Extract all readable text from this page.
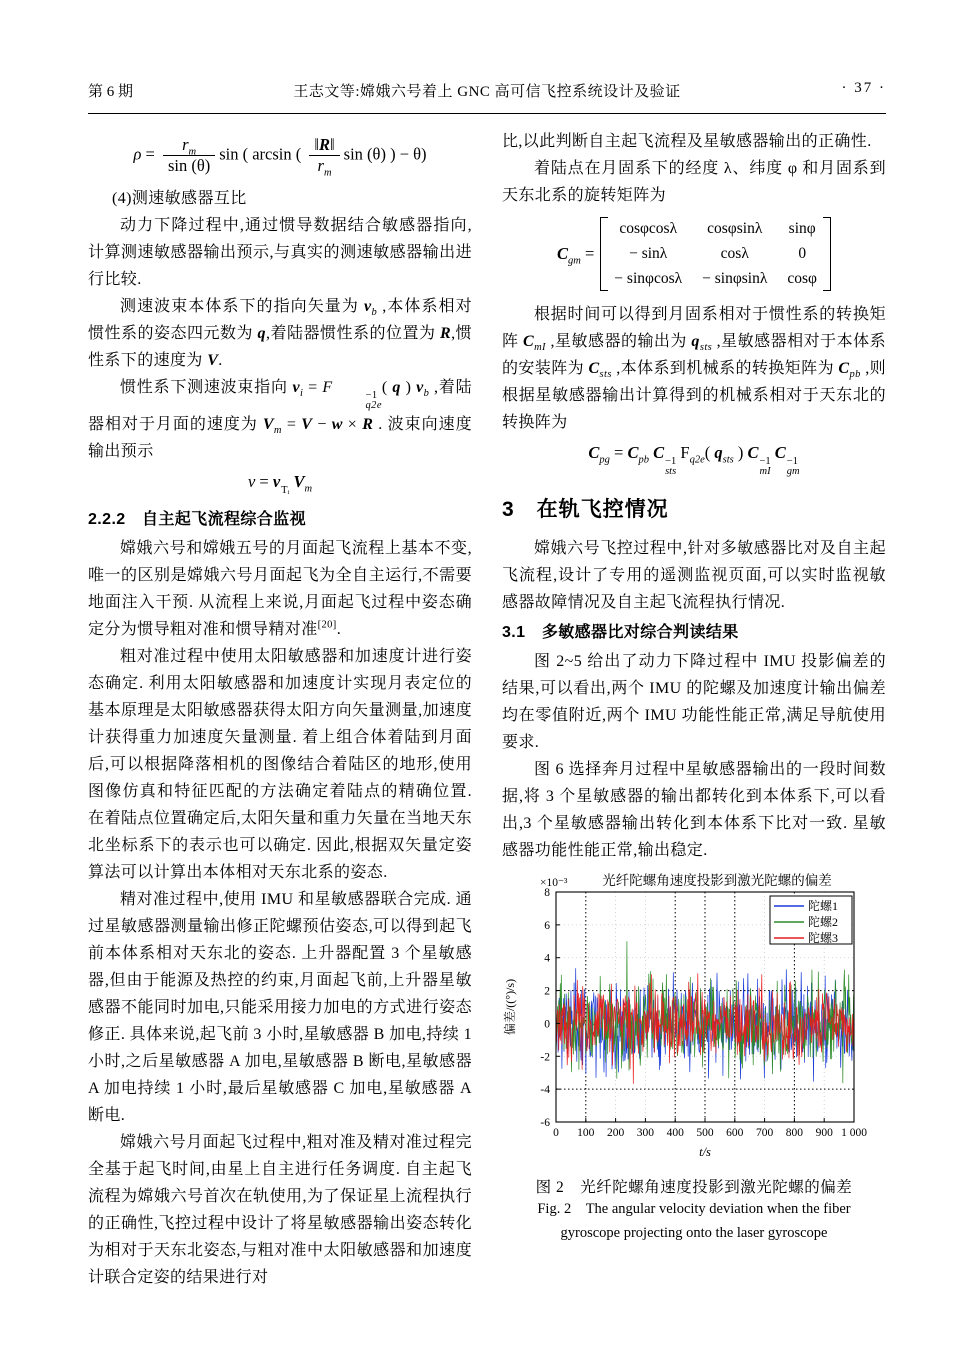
第 6 期	王志文等:嫦娥六号着上 GNC 高可信飞控系统设计及验证	· 37 ·
$\rho = \frac{r_m}{\sin (\theta)}$ sin ( arcsin ( $\frac{‖R‖}{r_m}$ sin (θ) ) − θ)

(4)测速敏感器互比

动力下降过程中,通过惯导数据结合敏感器指向,计算测速敏感器输出预示,与真实的测速敏感器输出进行比较.

测速波束本体系下的指向矢量为 $v_b$ ,本体系相对惯性系的姿态四元数为 q,着陆器惯性系的位置为 R,惯性系下的速度为 V.

惯性系下测速波束指向 $v_i = F$	−1
q2e
( q ) $v_b$ ,着陆器相对于月面的速度为 $V_m = V - w \times R$ . 波束向速度输出预示

v = v Tᵢ $V_m$
2.2.2　自主起飞流程综合监视

嫦娥六号和嫦娥五号的月面起飞流程上基本不变,唯一的区别是嫦娥六号月面起飞为全自主运行,不需要地面注入干预. 从流程上来说,月面起飞过程中姿态确定分为惯导粗对准和惯导精对准[20].

粗对准过程中使用太阳敏感器和加速度计进行姿态确定. 利用太阳敏感器和加速度计实现月表定位的基本原理是太阳敏感器获得太阳方向矢量测量,加速度计获得重力加速度矢量测量. 着上组合体着陆到月面后,可以根据降落相机的图像结合着陆区的地形,使用图像仿真和特征匹配的方法确定着陆点的精确位置. 在着陆点位置确定后,太阳矢量和重力矢量在当地天东北坐标系下的表示也可以确定. 因此,根据双矢量定姿算法可以计算出本体相对天东北系的姿态.

精对准过程中,使用 IMU 和星敏感器联合完成. 通过星敏感器测量输出修正陀螺预估姿态,可以得到起飞前本体系相对天东北的姿态. 上升器配置 3 个星敏感器,但由于能源及热控的约束,月面起飞前,上升器星敏感器不能同时加电,只能采用接力加电的方式进行姿态修正. 具体来说,起飞前 3 小时,星敏感器 B 加电,持续 1 小时,之后星敏感器 A 加电,星敏感器 B 断电,星敏感器 A 加电持续 1 小时,最后星敏感器 C 加电,星敏感器 A 断电.

嫦娥六号月面起飞过程中,粗对准及精对准过程完全基于起飞时间,由星上自主进行任务调度. 自主起飞流程为嫦娥六号首次在轨使用,为了保证星上流程执行的正确性,飞控过程中设计了将星敏感器输出姿态转化为相对于天东北姿态,与粗对准中太阳敏感器和加速度计联合定姿的结果进行对

比,以此判断自主起飞流程及星敏感器输出的正确性.

着陆点在月固系下的经度 λ、纬度 φ 和月固系到天东北系的旋转矩阵为

$C_{gm}$ =
cosφcosλ	cosφsinλ	sinφ
− sinλ	cosλ	0
− sinφcosλ − sinφsinλ cosφ

根据时间可以得到月固系相对于惯性系的转换矩阵 $C_{mI}$ ,星敏感器的输出为 $q_{sts}$ ,星敏感器相对于本体系的安装阵为 $C_{sts}$ ,本体系到机械系的转换矩阵为 $C_{pb}$ ,则根据星敏感器输出计算得到的机械系相对于天东北的转换阵为

$C_{pg} = C_{pb}$ C −1
sts
$F_{q2e}$( $q_{sts}$ ) C −1
mI
C −1
gm
3　在轨飞控情况

嫦娥六号飞控过程中,针对多敏感器比对及自主起飞流程,设计了专用的遥测监视页面,可以实时监视敏感器故障情况及自主起飞流程执行情况.

3.1　多敏感器比对综合判读结果

图 2~5 给出了动力下降过程中 IMU 投影偏差的结果,可以看出,两个 IMU 的陀螺及加速度计输出偏差均在零值附近,两个 IMU 功能性能正常,满足导航使用要求.

图 6 选择奔月过程中星敏感器输出的一段时间数据,将 3 个星敏感器的输出都转化到本体系下,可以看出,3 个星敏感器输出转化到本体系下比对一致. 星敏感器功能性能正常,输出稳定.

0 100 200 300 400 500 600 700 800 900 1 000
-6
-4
-2
0
2
4
6
8
×10⁻³	光纤陀螺角速度投影到激光陀螺的偏差
偏差/((°)/s)
t/s
陀螺1
陀螺2
陀螺3
图 2　光纤陀螺角速度投影到激光陀螺的偏差
Fig. 2　The angular velocity deviation when the fiber
gyroscope projecting onto the laser gyroscope
